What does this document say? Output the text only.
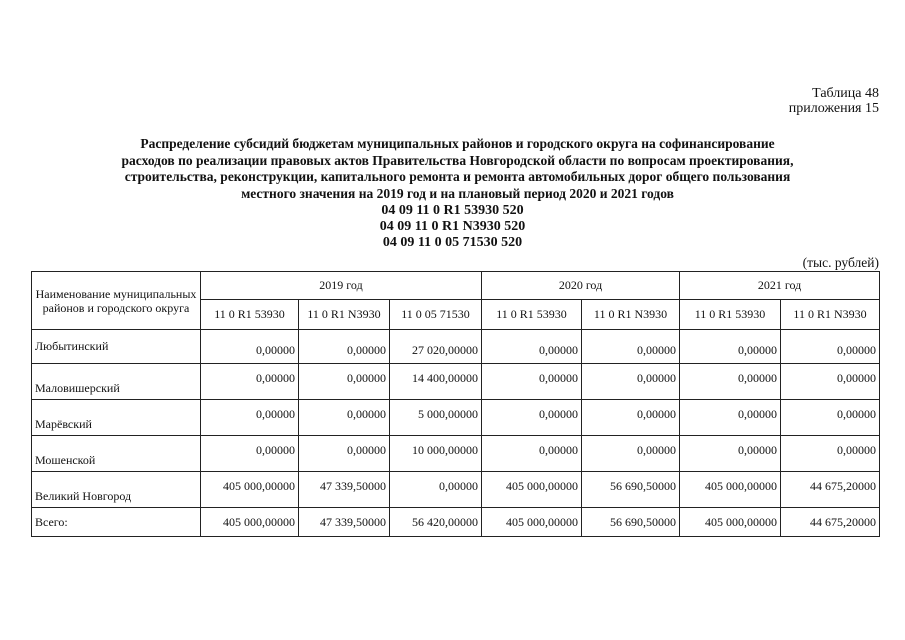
Таблица 48
приложения 15
Распределение субсидий бюджетам муниципальных районов и городского округа на софинансирование
расходов по реализации правовых актов Правительства Новгородской области по вопросам проектирования,
строительства, реконструкции, капитального ремонта и ремонта автомобильных дорог общего пользования
местного значения на 2019 год и на плановый период 2020 и 2021 годов
04 09 11 0 R1 53930 520
04 09 11 0 R1 N3930 520
04 09 11 0 05 71530 520
(тыс. рублей)
Наименование муниципальных районов и городского округа	2019 год			2020 год		2021 год	
	11 0 R1 53930	11 0 R1 N3930	11 0 05 71530	11 0 R1 53930	11 0 R1 N3930	11 0 R1 53930	11 0 R1 N3930
Любытинский	0,00000	0,00000	27 020,00000	0,00000	0,00000	0,00000	0,00000
Маловишерский	0,00000	0,00000	14 400,00000	0,00000	0,00000	0,00000	0,00000
Марёвский	0,00000	0,00000	5 000,00000	0,00000	0,00000	0,00000	0,00000
Мошенской	0,00000	0,00000	10 000,00000	0,00000	0,00000	0,00000	0,00000
Великий Новгород	405 000,00000	47 339,50000	0,00000	405 000,00000	56 690,50000	405 000,00000	44 675,20000
Всего:	405 000,00000	47 339,50000	56 420,00000	405 000,00000	56 690,50000	405 000,00000	44 675,20000
